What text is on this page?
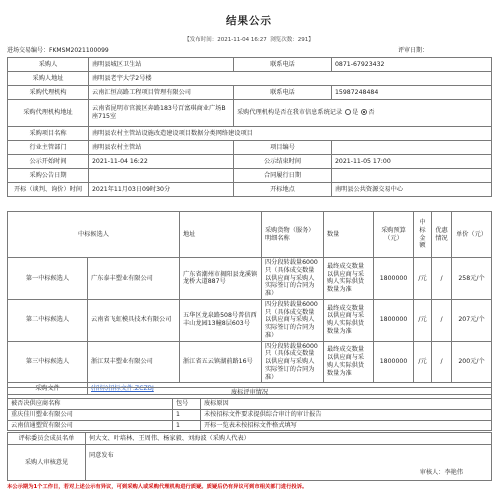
结果公示
【发布时间：2021-11-04 16:27 浏览次数：291】
进场交易编号：FKMSM2021100099	评审日期：
采购人	南明县城区卫生站	联系电话	0871-67923432
采购人地址	南明县老宇大学2号楼		
采购代理机构	云南汇恒高路工程项目管理有限公司	联系电话	15987248484
采购代理机构地址	云南省昆明市官渡区奔路183号百富琪商业广场B座715室	采购代理机构是否在我市信息系统记录 是 否	
采购项目名称	南明县农村主管站设施改造建设项目数据分类网络建设项目		
行业主管部门	南明县农村主管站	项目编号	
公示开始时间	2021-11-04 16:22	公示结束时间	2021-11-05 17:00
采购公告日期		合同履行日期	
开标（谈判、询价）时间	2021年11月03日09时30分	开标地点	南明县公共资源交易中心
中标候选人		地址	采购货物（服务）明细名称	数量	采购预算（元）	中标金额	优惠情况	单价（元）
第一中标候选人	广东泰丰塑业有限公司	广东省潮州市揭阳县龙溪镇龙桥大道887号	四分段转载量6000只（具体成交数量以供应商与采购人实际签订的合同为准）	最终成交数量以供应商与采购人实际供货数量为准	1800000	/元	/	258元/个
第二中标候选人	云南省飞虹模具技术有限公司	五华区龙泉路508号普信西丰山龙园13幢8层603号	四分段转载量6000只（具体成交数量以供应商与采购人实际签订的合同为准）	最终成交数量以供应商与采购人实际供货数量为准	1800000	/元	/	207元/个
第三中标候选人	浙江双丰塑业有限公司	浙江省五云镇湖前路16号	四分段转载量6000只（具体成交数量以供应商与采购人实际签订的合同为准）	最终成交数量以供应商与采购人实际供货数量为准	1800000	/元	/	200元/个
采购文件	(招标)招标文件.ZCZBJ							
废标评审情况		
被否决供应商名称	包号	废标原因
重庆佳川塑业有限公司	1	未按招标文件要求提供综合审计的审计报告
云南信通塑贸有限公司	1	开标一览表未按招标文件格式填写
评标委员会成员名单	何大文、叶培林、王周伟、杨家毅、刘海波（采购人代表）
采购人审核意见	同意发布
审核人：李艳伟
本公示期为1个工作日，若对上述公示有异议，可到采购人或采购代理机构进行质疑。质疑后仍有异议可到市相关部门进行投诉。
